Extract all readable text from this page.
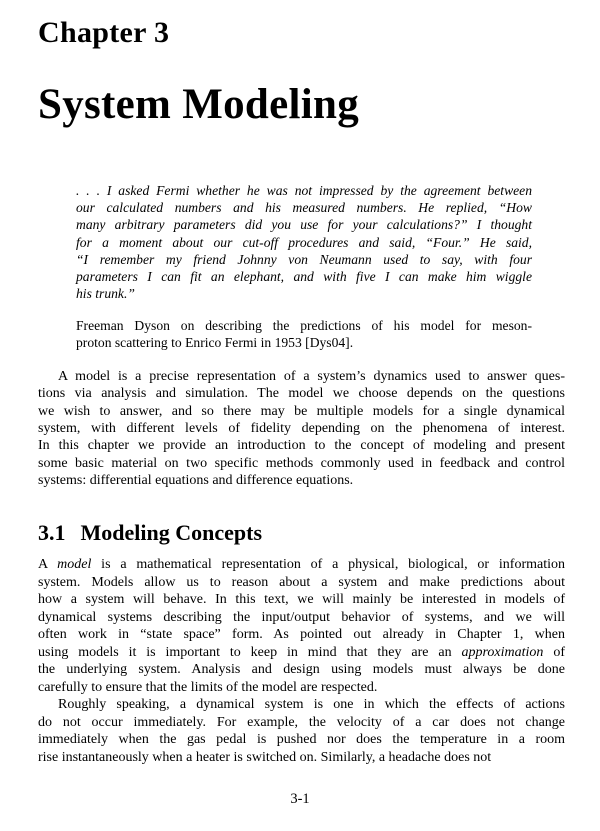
Chapter 3
System Modeling
. . . I asked Fermi whether he was not impressed by the agreement between
our calculated numbers and his measured numbers. He replied, “How
many arbitrary parameters did you use for your calculations?” I thought
for a moment about our cut-off procedures and said, “Four.” He said,
“I remember my friend Johnny von Neumann used to say, with four
parameters I can fit an elephant, and with five I can make him wiggle
his trunk.”
Freeman Dyson on describing the predictions of his model for meson-
proton scattering to Enrico Fermi in 1953 [Dys04].
A model is a precise representation of a system’s dynamics used to answer ques-
tions via analysis and simulation. The model we choose depends on the questions
we wish to answer, and so there may be multiple models for a single dynamical
system, with different levels of fidelity depending on the phenomena of interest.
In this chapter we provide an introduction to the concept of modeling and present
some basic material on two specific methods commonly used in feedback and control
systems: differential equations and difference equations.
3.1 Modeling Concepts
A model is a mathematical representation of a physical, biological, or information
system. Models allow us to reason about a system and make predictions about
how a system will behave. In this text, we will mainly be interested in models of
dynamical systems describing the input/output behavior of systems, and we will
often work in “state space” form. As pointed out already in Chapter 1, when
using models it is important to keep in mind that they are an approximation of
the underlying system. Analysis and design using models must always be done
carefully to ensure that the limits of the model are respected.
Roughly speaking, a dynamical system is one in which the effects of actions
do not occur immediately. For example, the velocity of a car does not change
immediately when the gas pedal is pushed nor does the temperature in a room
rise instantaneously when a heater is switched on. Similarly, a headache does not
3-1
